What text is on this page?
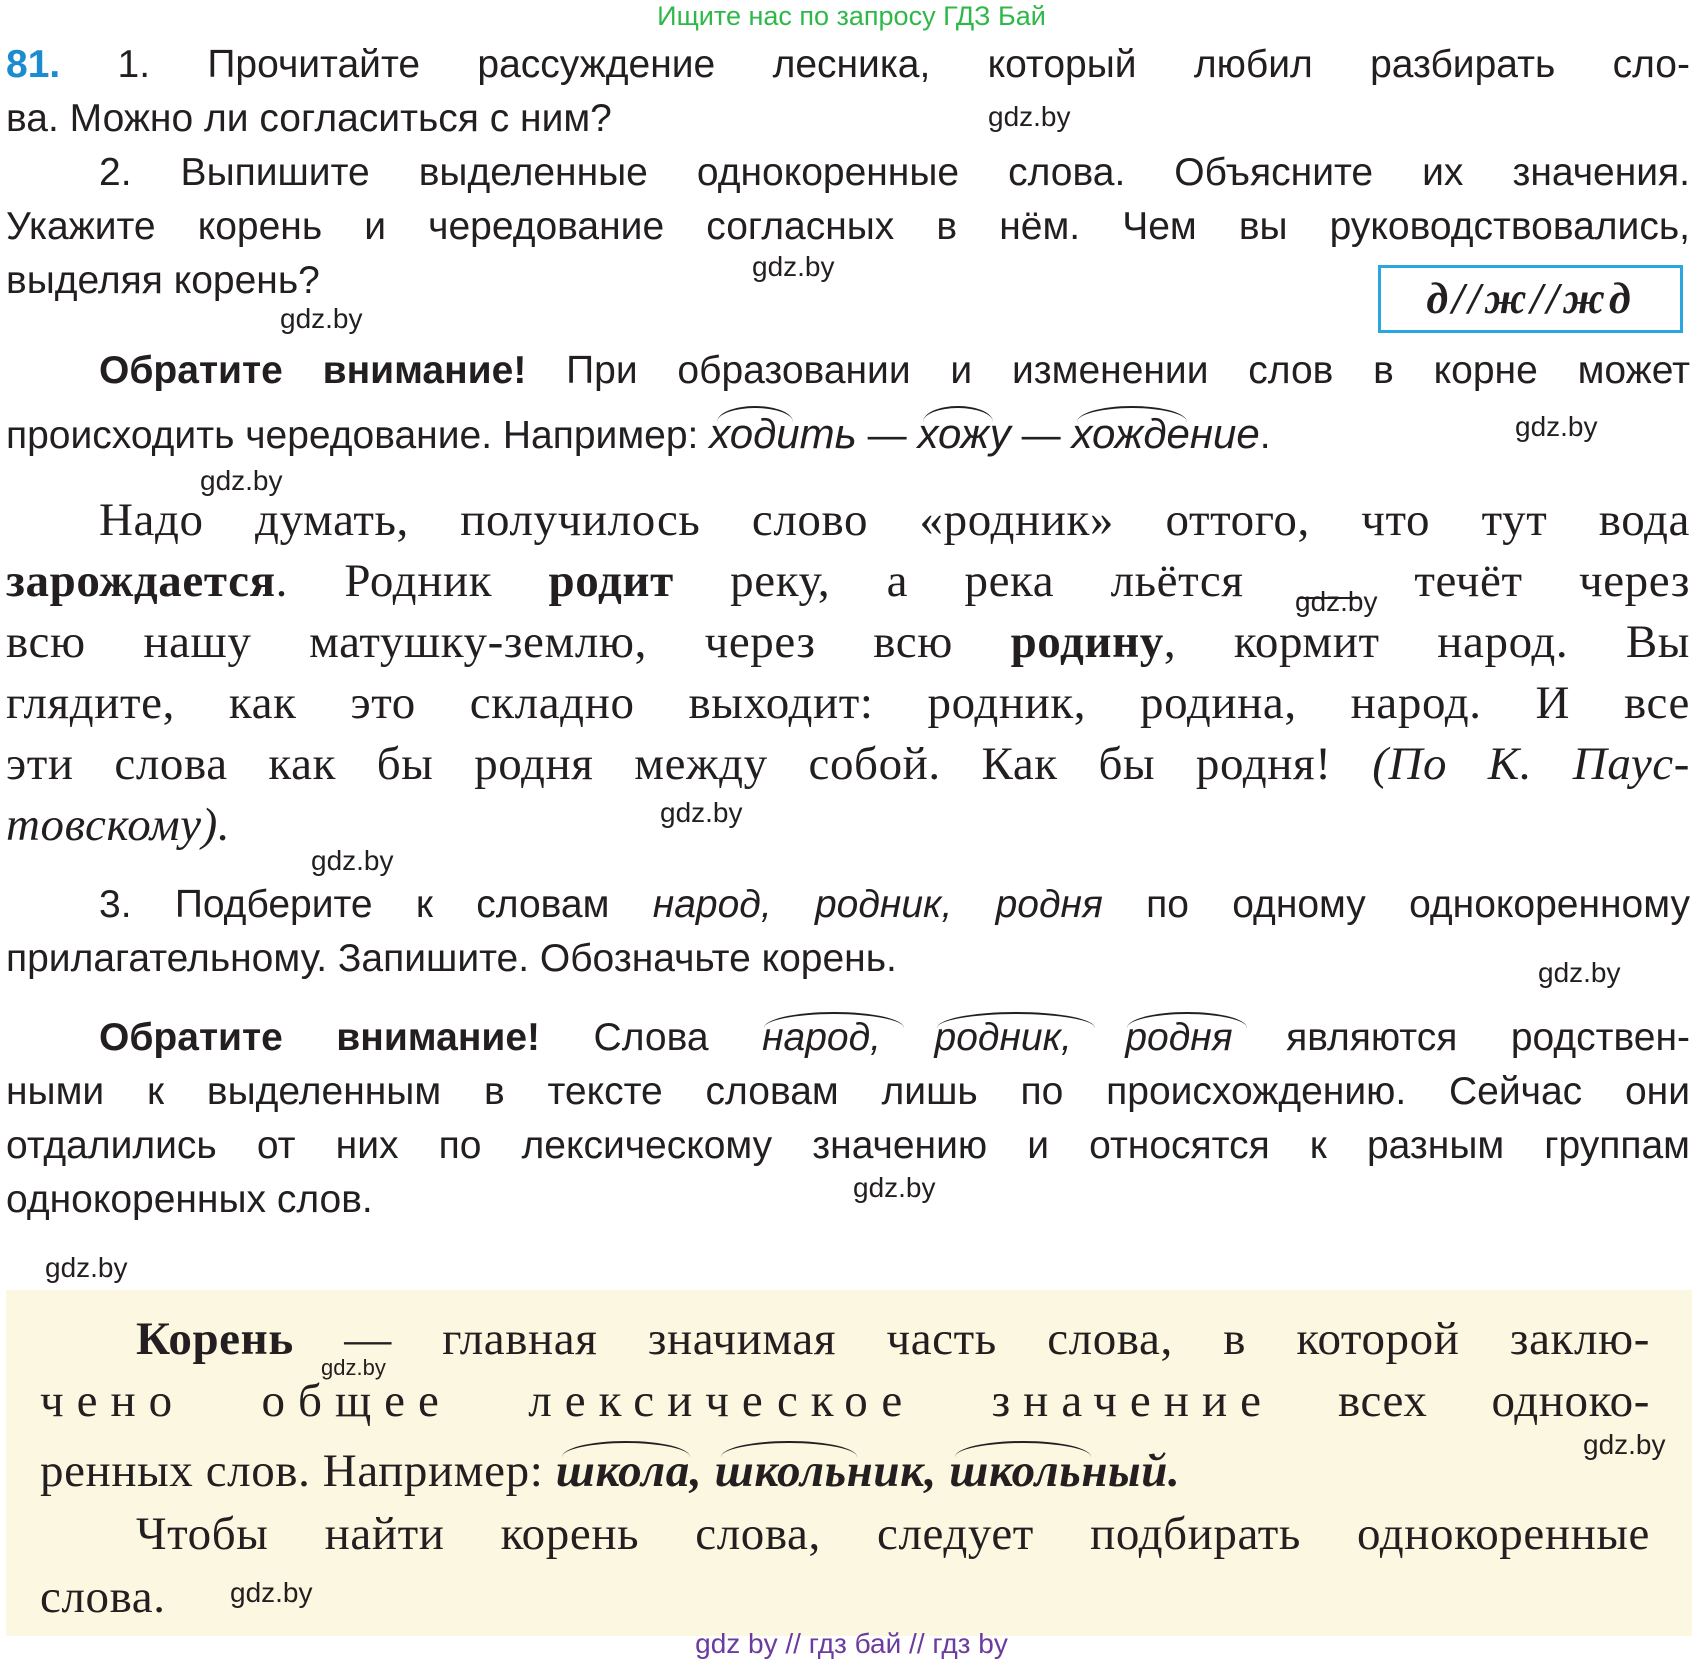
Ищите нас по запросу ГДЗ Бай
81. 1. Прочитайте рассуждение лесника, который любил разбирать сло-
ва. Можно ли согласиться с ним?
2. Выпишите выделенные однокоренные слова. Объясните их значения.
Укажите корень и чередование согласных в нём. Чем вы руководствовались,
выделяя корень?	д//ж//жд
Обратите внимание! При образовании и изменении слов в корне может
происходить чередование. Например: ходить — хожу — хождение.
Надо думать, получилось слово «родник» оттого, что тут вода
зарождается. Родник родит реку, а река льётся	течёт через
всю нашу матушку-землю, через всю родину, кормит народ. Вы
глядите, как это складно выходит: родник, родина, народ. И все
эти слова как бы родня между собой. Как бы родня! (По К. Пауc-
товскому).
3. Подберите к словам народ, родник, родня по одному однокоренному
прилагательному. Запишите. Обозначьте корень.
Обратите внимание! Слова народ, родник, родня являются родствен-
ными к выделенным в тексте словам лишь по происхождению. Сейчас они
отдалились от них по лексическому значению и относятся к разным группам
однокоренных слов.
Корень — главная значимая часть слова, в которой заклю-
чено общее лексическое значение всех одноко-
ренных слов. Например: школа, школьник, школьный.
Чтобы найти корень слова, следует подбирать однокоренные
слова.
gdz.by
gdz.by
gdz.by
gdz.by
gdz.by
gdz.by
gdz.by
gdz.by
gdz.by
gdz.by
gdz.by
gdz.by
gdz.by
gdz.by
gdz by // гдз бай // гдз by
